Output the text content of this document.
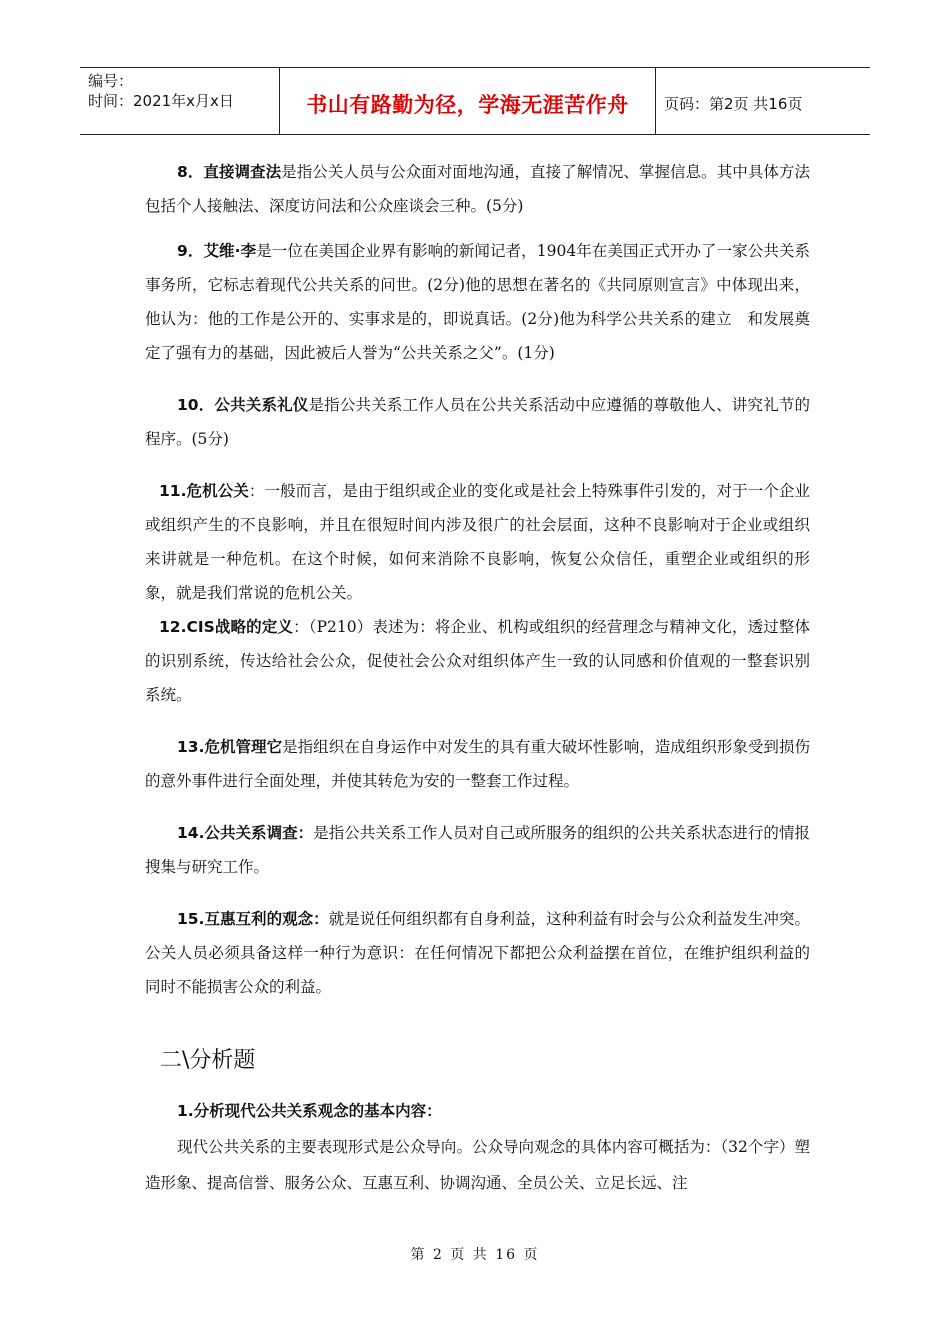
编号：
时间：2021年x月x日	书山有路勤为径，学海无涯苦作舟	页码：第2页 共16页

8．直接调查法是指公关人员与公众面对面地沟通，直接了解情况、掌握信息。其中具体方法包括个人接触法、深度访问法和公众座谈会三种。(5分)

9．艾维·李是一位在美国企业界有影响的新闻记者，1904年在美国正式开办了一家公共关系事务所，它标志着现代公共关系的问世。(2分)他的思想在著名的《共同原则宣言》中体现出来，他认为：他的工作是公开的、实事求是的，即说真话。(2分)他为科学公共关系的建立　和发展奠定了强有力的基础，因此被后人誉为“公共关系之父”。(1分)

10．公共关系礼仪是指公共关系工作人员在公共关系活动中应遵循的尊敬他人、讲究礼节的程序。(5分)

11.危机公关：一般而言，是由于组织或企业的变化或是社会上特殊事件引发的，对于一个企业或组织产生的不良影响，并且在很短时间内涉及很广的社会层面，这种不良影响对于企业或组织来讲就是一种危机。在这个时候，如何来消除不良影响，恢复公众信任，重塑企业或组织的形象，就是我们常说的危机公关。

12.CIS战略的定义：（P210）表述为：将企业、机构或组织的经营理念与精神文化，透过整体的识别系统，传达给社会公众，促使社会公众对组织体产生一致的认同感和价值观的一整套识别系统。

13.危机管理它是指组织在自身运作中对发生的具有重大破坏性影响，造成组织形象受到损伤的意外事件进行全面处理，并使其转危为安的一整套工作过程。

14.公共关系调查：是指公共关系工作人员对自己或所服务的组织的公共关系状态进行的情报搜集与研究工作。

15.互惠互利的观念：就是说任何组织都有自身利益，这种利益有时会与公众利益发生冲突。公关人员必须具备这样一种行为意识：在任何情况下都把公众利益摆在首位，在维护组织利益的同时不能损害公众的利益。

二\分析题

1.分析现代公共关系观念的基本内容：

现代公共关系的主要表现形式是公众导向。公众导向观念的具体内容可概括为：（32个字）塑造形象、提高信誉、服务公众、互惠互利、协调沟通、全员公关、立足长远、注

第 2 页 共 16 页
